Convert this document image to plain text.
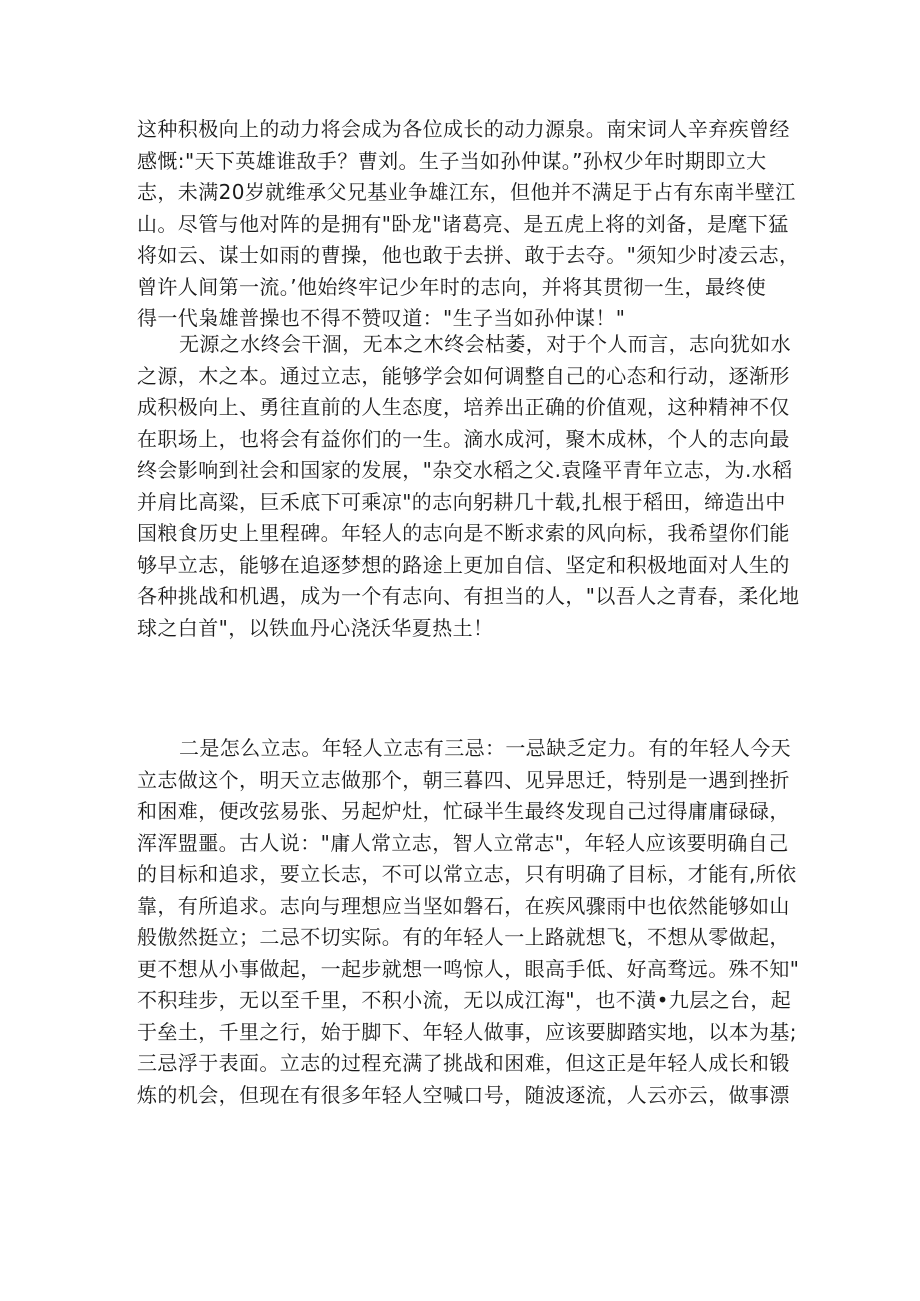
这种积极向上的动力将会成为各位成长的动力源泉。南宋词人辛弃疾曾经
感慨:"天下英雄谁敌手？曹刘。生子当如孙仲谋。”孙权少年时期即立大
志，未满20岁就维承父兄基业争雄江东，但他并不满足于占有东南半壁江
山。尽管与他对阵的是拥有"卧龙"诸葛亮、是五虎上将的刘备，是麾下猛
将如云、谋士如雨的曹操，他也敢于去拼、敢于去夺。"须知少时凌云志，
曾许人间第一流。’他始终牢记少年时的志向，并将其贯彻一生，最终使
得一代枭雄普操也不得不赞叹道："生子当如孙仲谋！"

无源之水终会干涸，无本之木终会枯萎，对于个人而言，志向犹如水
之源，木之本。通过立志，能够学会如何调整自己的心态和行动，逐渐形
成积极向上、勇往直前的人生态度，培养出正确的价值观，这种精神不仅
在职场上，也将会有益你们的一生。滴水成河，聚木成林，个人的志向最
终会影响到社会和国家的发展，"杂交水稻之父.袁隆平青年立志，为.水稻
并肩比高粱，巨禾底下可乘凉"的志向躬耕几十载,扎根于稻田，缔造出中
国粮食历史上里程碑。年轻人的志向是不断求索的风向标，我希望你们能
够早立志，能够在追逐梦想的路途上更加自信、坚定和积极地面对人生的
各种挑战和机遇，成为一个有志向、有担当的人，"以吾人之青春，柔化地
球之白首"，以铁血丹心浇沃华夏热土！

二是怎么立志。年轻人立志有三忌：一忌缺乏定力。有的年轻人今天
立志做这个，明天立志做那个，朝三暮四、见异思迁，特别是一遇到挫折
和困难，便改弦易张、另起炉灶，忙碌半生最终发现自己过得庸庸碌碌，
浑浑盟噩。古人说："庸人常立志，智人立常志"，年轻人应该要明确自己
的目标和追求，要立长志，不可以常立志，只有明确了目标，才能有,所依
靠，有所追求。志向与理想应当坚如磐石，在疾风骤雨中也依然能够如山
般傲然挺立；二忌不切实际。有的年轻人一上路就想飞，不想从零做起，
更不想从小事做起，一起步就想一鸣惊人，眼高手低、好高骛远。殊不知"
不积珪步，无以至千里，不积小流，无以成江海"，也不潢•九层之台，起
于垒土，千里之行，始于脚下、年轻人做事，应该要脚踏实地，以本为基;
三忌浮于表面。立志的过程充满了挑战和困难，但这正是年轻人成长和锻
炼的机会，但现在有很多年轻人空喊口号，随波逐流，人云亦云，做事漂
